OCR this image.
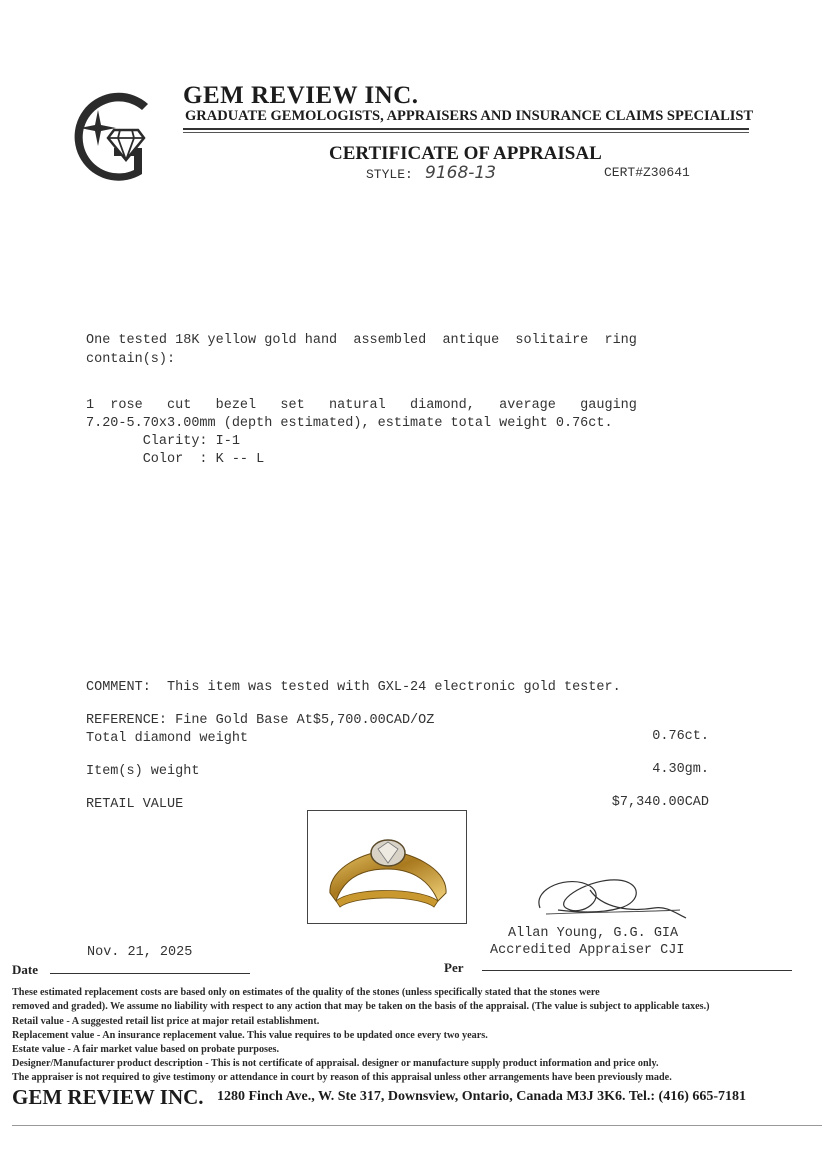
GEM REVIEW INC.
GRADUATE GEMOLOGISTS, APPRAISERS AND INSURANCE CLAIMS SPECIALIST
CERTIFICATE OF APPRAISAL
STYLE: 9168-13	CERT#Z30641
One tested 18K yellow gold hand  assembled  antique  solitaire  ring
contain(s):
1  rose   cut   bezel   set   natural   diamond,   average   gauging
7.20-5.70x3.00mm (depth estimated), estimate total weight 0.76ct.
Clarity: I-1
Color  : K -- L
COMMENT:  This item was tested with GXL-24 electronic gold tester.
REFERENCE: Fine Gold Base At$5,700.00CAD/OZ
Total diamond weight	0.76ct.
Item(s) weight	4.30gm.
RETAIL VALUE	$7,340.00CAD
Allan Young, G.G. GIA
Accredited Appraiser CJI
Nov. 21, 2025
Date	Per
These estimated replacement costs are based only on estimates of the quality of the stones (unless specifically stated that the stones were
removed and graded). We assume no liability with respect to any action that may be taken on the basis of the appraisal. (The value is subject to applicable taxes.)
Retail value - A suggested retail list price at major retail establishment.
Replacement value - An insurance replacement value. This value requires to be updated once every two years.
Estate value - A fair market value based on probate purposes.
Designer/Manufacturer product description - This is not certificate of appraisal. designer or manufacture supply product information and price only.
The appraiser is not required to give testimony or attendance in court by reason of this appraisal unless other arrangements have been previously made.
GEM REVIEW INC. 1280 Finch Ave., W. Ste 317, Downsview, Ontario, Canada M3J 3K6. Tel.: (416) 665-7181
